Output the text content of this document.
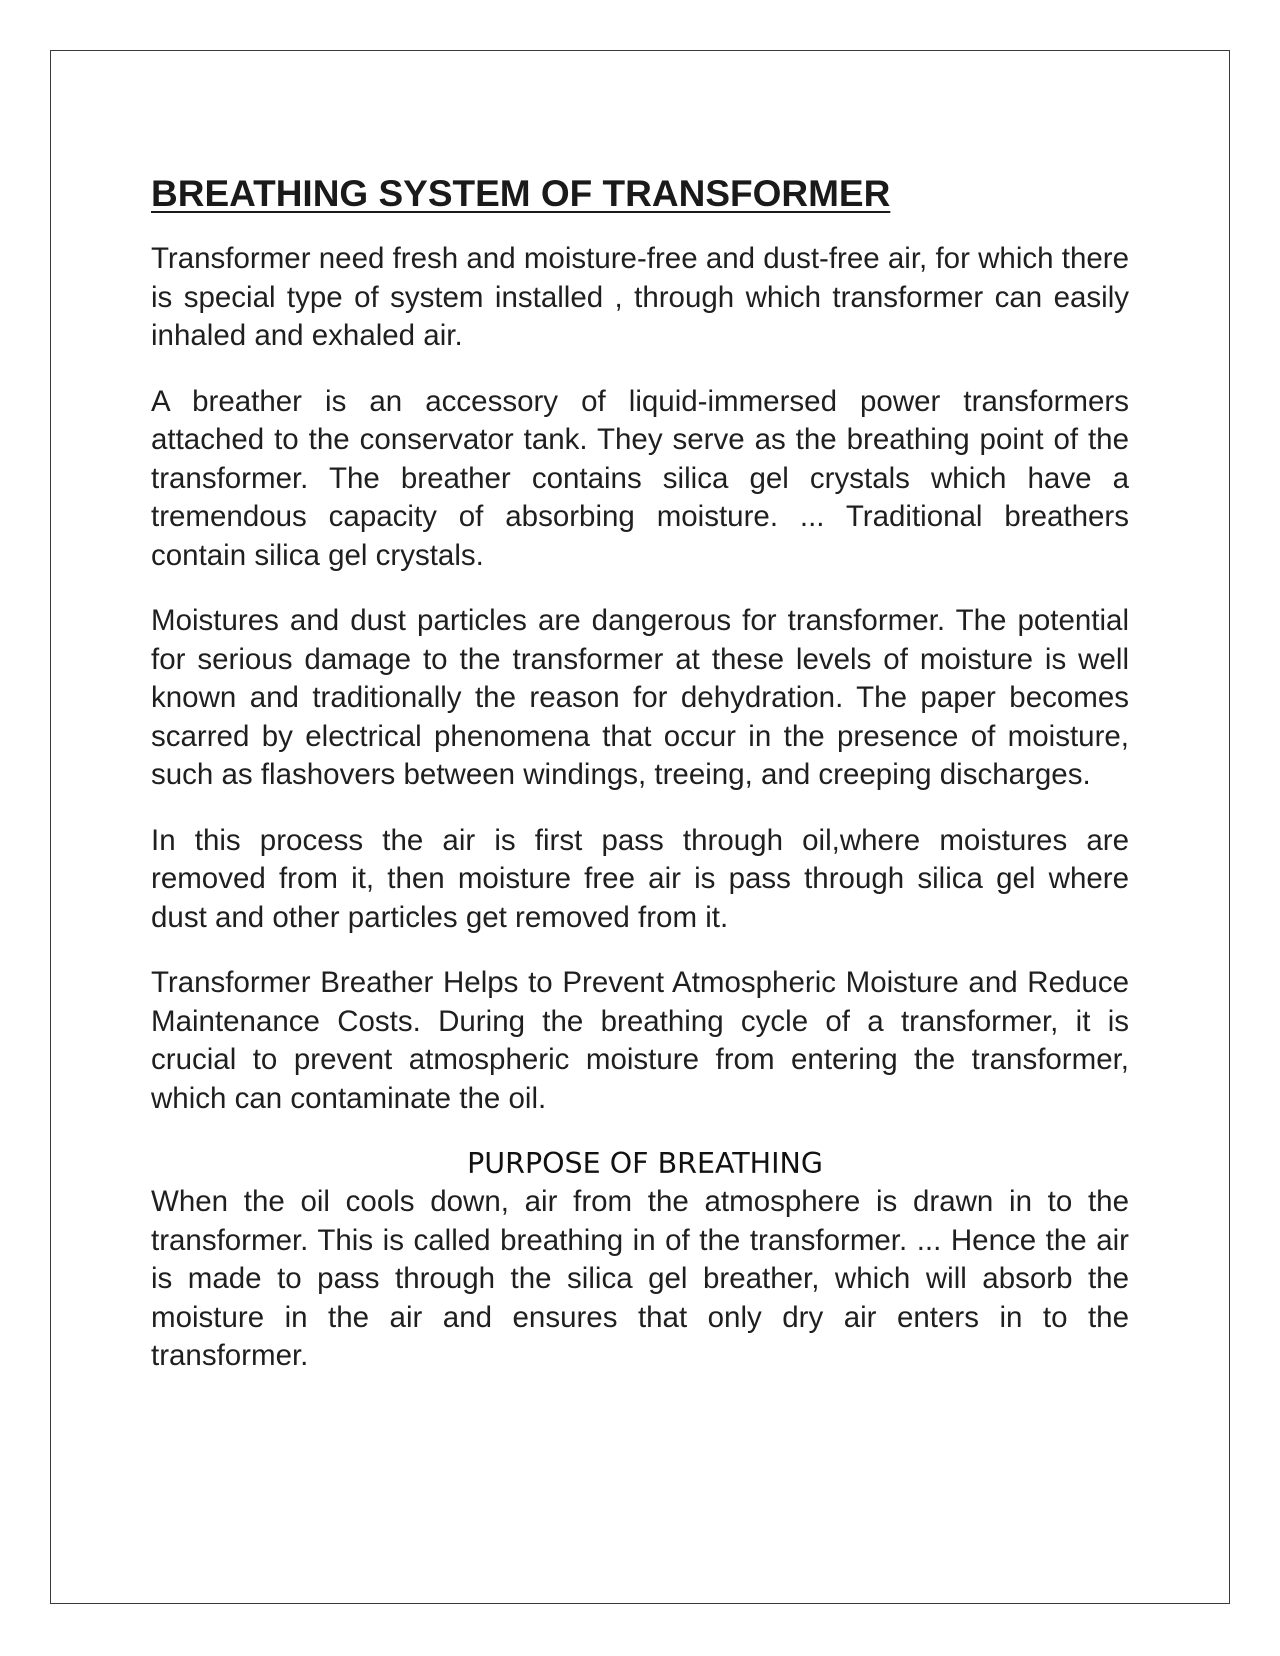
BREATHING SYSTEM OF TRANSFORMER

Transformer need fresh and moisture-free and dust-free air, for which there is special type of system installed , through which transformer can easily inhaled and exhaled air.

A breather is an accessory of liquid-immersed power transformers attached to the conservator tank. They serve as the breathing point of the transformer. The breather contains silica gel crystals which have a tremendous capacity of absorbing moisture. ... Traditional breathers contain silica gel crystals.

Moistures and dust particles are dangerous for transformer. The potential for serious damage to the transformer at these levels of moisture is well known and traditionally the reason for dehydration. The paper becomes scarred by electrical phenomena that occur in the presence of moisture, such as flashovers between windings, treeing, and creeping discharges.

In this process the air is first pass through oil,where moistures are removed from it, then moisture free air is pass through silica gel where dust and other particles get removed from it.

Transformer Breather Helps to Prevent Atmospheric Moisture and Reduce Maintenance Costs. During the breathing cycle of a transformer, it is crucial to prevent atmospheric moisture from entering the transformer, which can contaminate the oil.

PURPOSE OF BREATHING

When the oil cools down, air from the atmosphere is drawn in to the transformer. This is called breathing in of the transformer. ... Hence the air is made to pass through the silica gel breather, which will absorb the moisture in the air and ensures that only dry air enters in to the transformer.
